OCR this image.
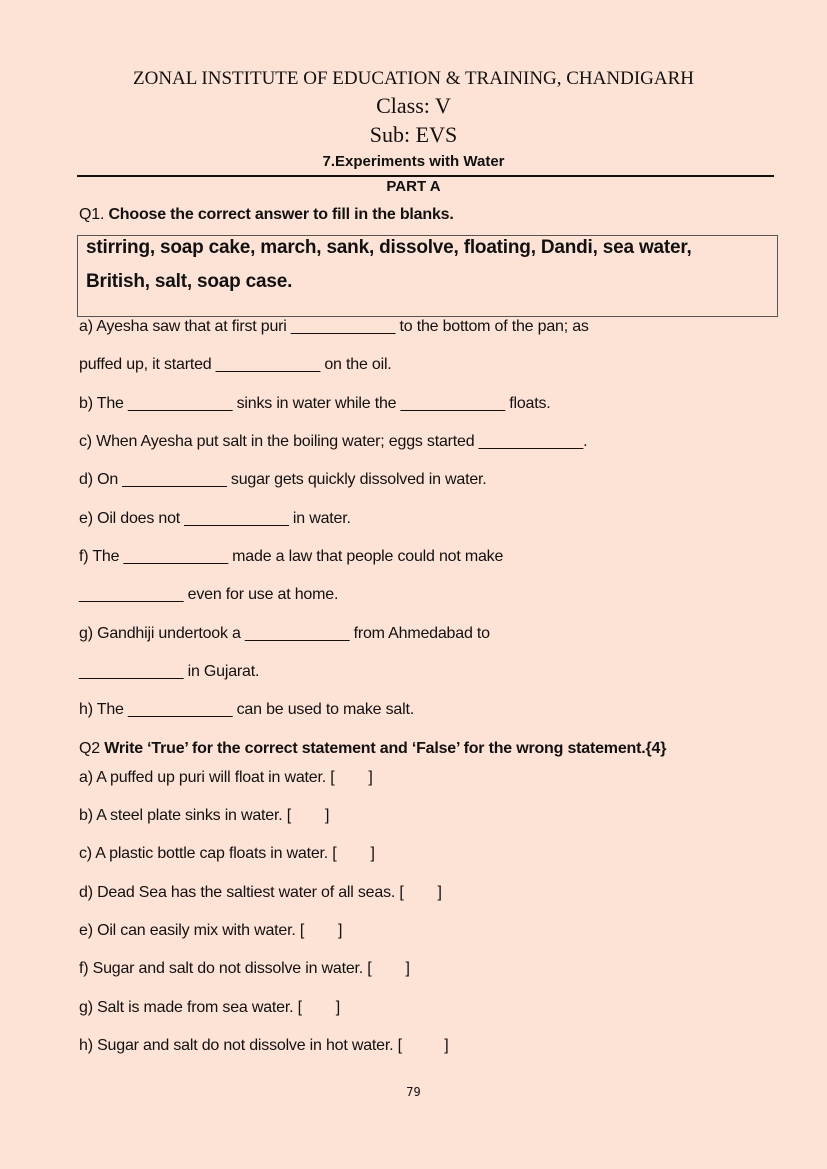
ZONAL INSTITUTE OF EDUCATION & TRAINING, CHANDIGARH
Class: V
Sub: EVS
7.Experiments with Water
PART A
Q1. Choose the correct answer to fill in the blanks.
stirring, soap cake, march, sank, dissolve, floating, Dandi, sea water,
British, salt, soap case.
a) Ayesha saw that at first puri ____________ to the bottom of the pan; as
puffed up, it started ____________ on the oil.
b) The ____________ sinks in water while the ____________ floats.
c) When Ayesha put salt in the boiling water; eggs started ____________.
d) On ____________ sugar gets quickly dissolved in water.
e) Oil does not ____________ in water.
f) The ____________ made a law that people could not make
____________ even for use at home.
g) Gandhiji undertook a ____________ from Ahmedabad to
____________ in Gujarat.
h) The ____________ can be used to make salt.
Q2 Write ‘True’ for the correct statement and ‘False’ for the wrong statement.{4}
a) A puffed up puri will float in water. [        ]
b) A steel plate sinks in water. [        ]
c) A plastic bottle cap floats in water. [        ]
d) Dead Sea has the saltiest water of all seas. [        ]
e) Oil can easily mix with water. [        ]
f) Sugar and salt do not dissolve in water. [        ]
g) Salt is made from sea water. [        ]
h) Sugar and salt do not dissolve in hot water. [          ]
79
